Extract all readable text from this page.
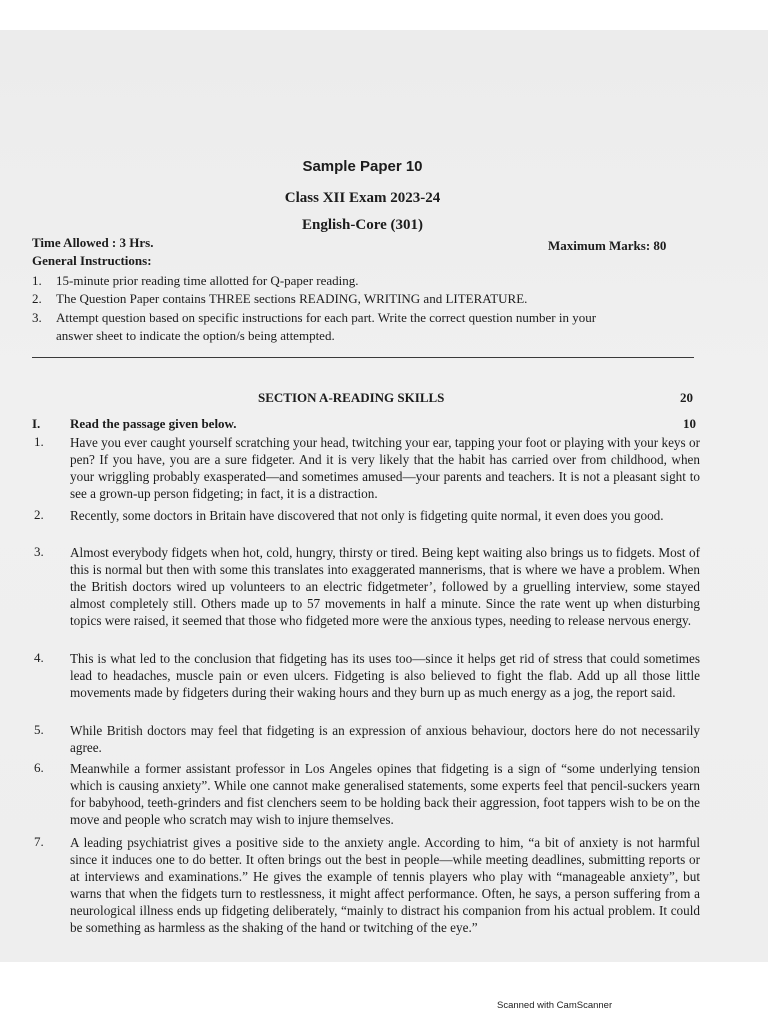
Sample Paper 10
Class XII Exam 2023-24
English-Core (301)
Time Allowed : 3 Hrs.	Maximum Marks: 80
General Instructions:
1. 15-minute prior reading time allotted for Q-paper reading.
2. The Question Paper contains THREE sections READING, WRITING and LITERATURE.
3. Attempt question based on specific instructions for each part. Write the correct question number in your
answer sheet to indicate the option/s being attempted.
SECTION A-READING SKILLS	20
I. Read the passage given below.	10
1. Have you ever caught yourself scratching your head, twitching your ear, tapping your foot or playing with your keys or pen? If you have, you are a sure fidgeter. And it is very likely that the habit has carried over from childhood, when your wriggling probably exasperated—and sometimes amused—your parents and teachers. It is not a pleasant sight to see a grown-up person fidgeting; in fact, it is a distraction.
2. Recently, some doctors in Britain have discovered that not only is fidgeting quite normal, it even does you good.
3. Almost everybody fidgets when hot, cold, hungry, thirsty or tired. Being kept waiting also brings us to fidgets. Most of this is normal but then with some this translates into exaggerated mannerisms, that is where we have a problem. When the British doctors wired up volunteers to an electric fidgetmeter’, followed by a gruelling interview, some stayed almost completely still. Others made up to 57 movements in half a minute. Since the rate went up when disturbing topics were raised, it seemed that those who fidgeted more were the anxious types, needing to release nervous energy.
4. This is what led to the conclusion that fidgeting has its uses too—since it helps get rid of stress that could sometimes lead to headaches, muscle pain or even ulcers. Fidgeting is also believed to fight the flab. Add up all those little movements made by fidgeters during their waking hours and they burn up as much energy as a jog, the report said.
5. While British doctors may feel that fidgeting is an expression of anxious behaviour, doctors here do not necessarily agree.
6. Meanwhile a former assistant professor in Los Angeles opines that fidgeting is a sign of “some underlying tension which is causing anxiety”. While one cannot make generalised statements, some experts feel that pencil-suckers yearn for babyhood, teeth-grinders and fist clenchers seem to be holding back their aggression, foot tappers wish to be on the move and people who scratch may wish to injure themselves.
7. A leading psychiatrist gives a positive side to the anxiety angle. According to him, “a bit of anxiety is not harmful since it induces one to do better. It often brings out the best in people—while meeting deadlines, submitting reports or at interviews and examinations.” He gives the example of tennis players who play with “manageable anxiety”, but warns that when the fidgets turn to restlessness, it might affect performance. Often, he says, a person suffering from a neurological illness ends up fidgeting deliberately, “mainly to distract his companion from his actual problem. It could be something as harmless as the shaking of the hand or twitching of the eye.”
Scanned with CamScanner
